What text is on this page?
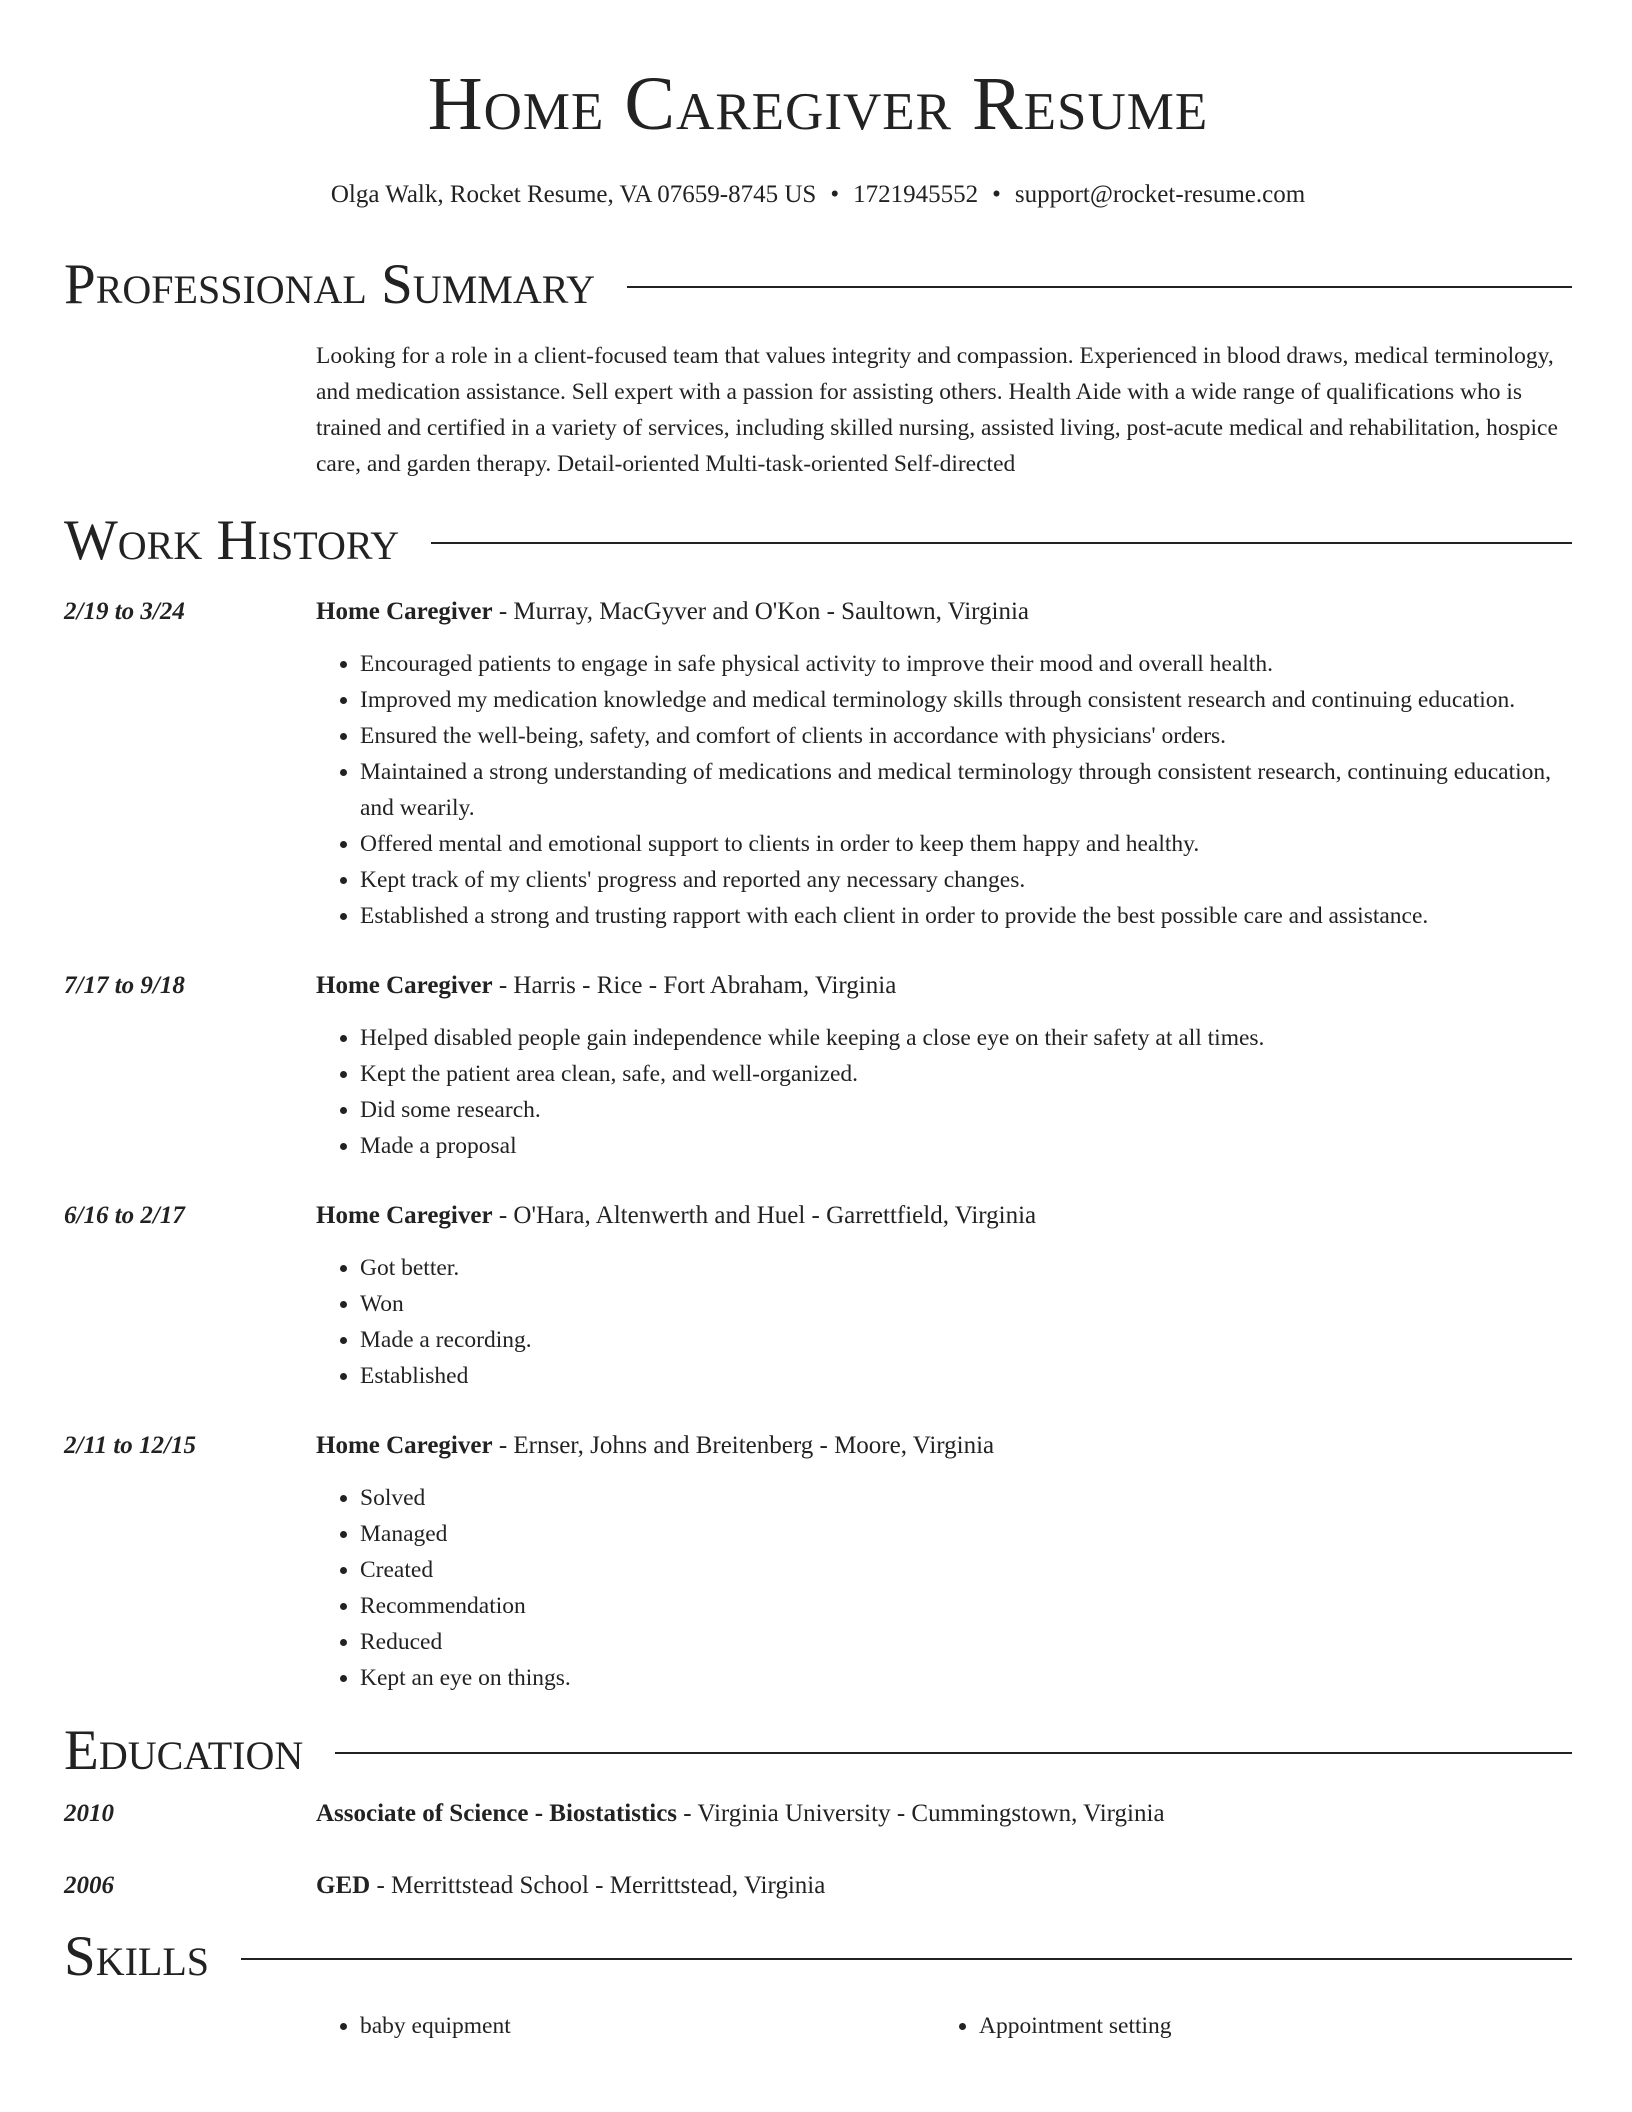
Home Caregiver Resume
Olga Walk, Rocket Resume, VA 07659-8745 US • 1721945552 • support@rocket-resume.com
Professional Summary
Looking for a role in a client-focused team that values integrity and compassion. Experienced in blood draws, medical terminology, and medication assistance. Sell expert with a passion for assisting others. Health Aide with a wide range of qualifications who is trained and certified in a variety of services, including skilled nursing, assisted living, post-acute medical and rehabilitation, hospice care, and garden therapy. Detail-oriented Multi-task-oriented Self-directed
Work History
2/19 to 3/24	Home Caregiver - Murray, MacGyver and O'Kon - Saultown, Virginia
• Encouraged patients to engage in safe physical activity to improve their mood and overall health.
• Improved my medication knowledge and medical terminology skills through consistent research and continuing education.
• Ensured the well-being, safety, and comfort of clients in accordance with physicians' orders.
• Maintained a strong understanding of medications and medical terminology through consistent research, continuing education, and wearily.
• Offered mental and emotional support to clients in order to keep them happy and healthy.
• Kept track of my clients' progress and reported any necessary changes.
• Established a strong and trusting rapport with each client in order to provide the best possible care and assistance.
7/17 to 9/18	Home Caregiver - Harris - Rice - Fort Abraham, Virginia
• Helped disabled people gain independence while keeping a close eye on their safety at all times.
• Kept the patient area clean, safe, and well-organized.
• Did some research.
• Made a proposal
6/16 to 2/17	Home Caregiver - O'Hara, Altenwerth and Huel - Garrettfield, Virginia
• Got better.
• Won
• Made a recording.
• Established
2/11 to 12/15	Home Caregiver - Ernser, Johns and Breitenberg - Moore, Virginia
• Solved
• Managed
• Created
• Recommendation
• Reduced
• Kept an eye on things.
Education
2010	Associate of Science - Biostatistics - Virginia University - Cummingstown, Virginia
2006	GED - Merrittstead School - Merrittstead, Virginia
Skills
• baby equipment
•	Appointment setting
